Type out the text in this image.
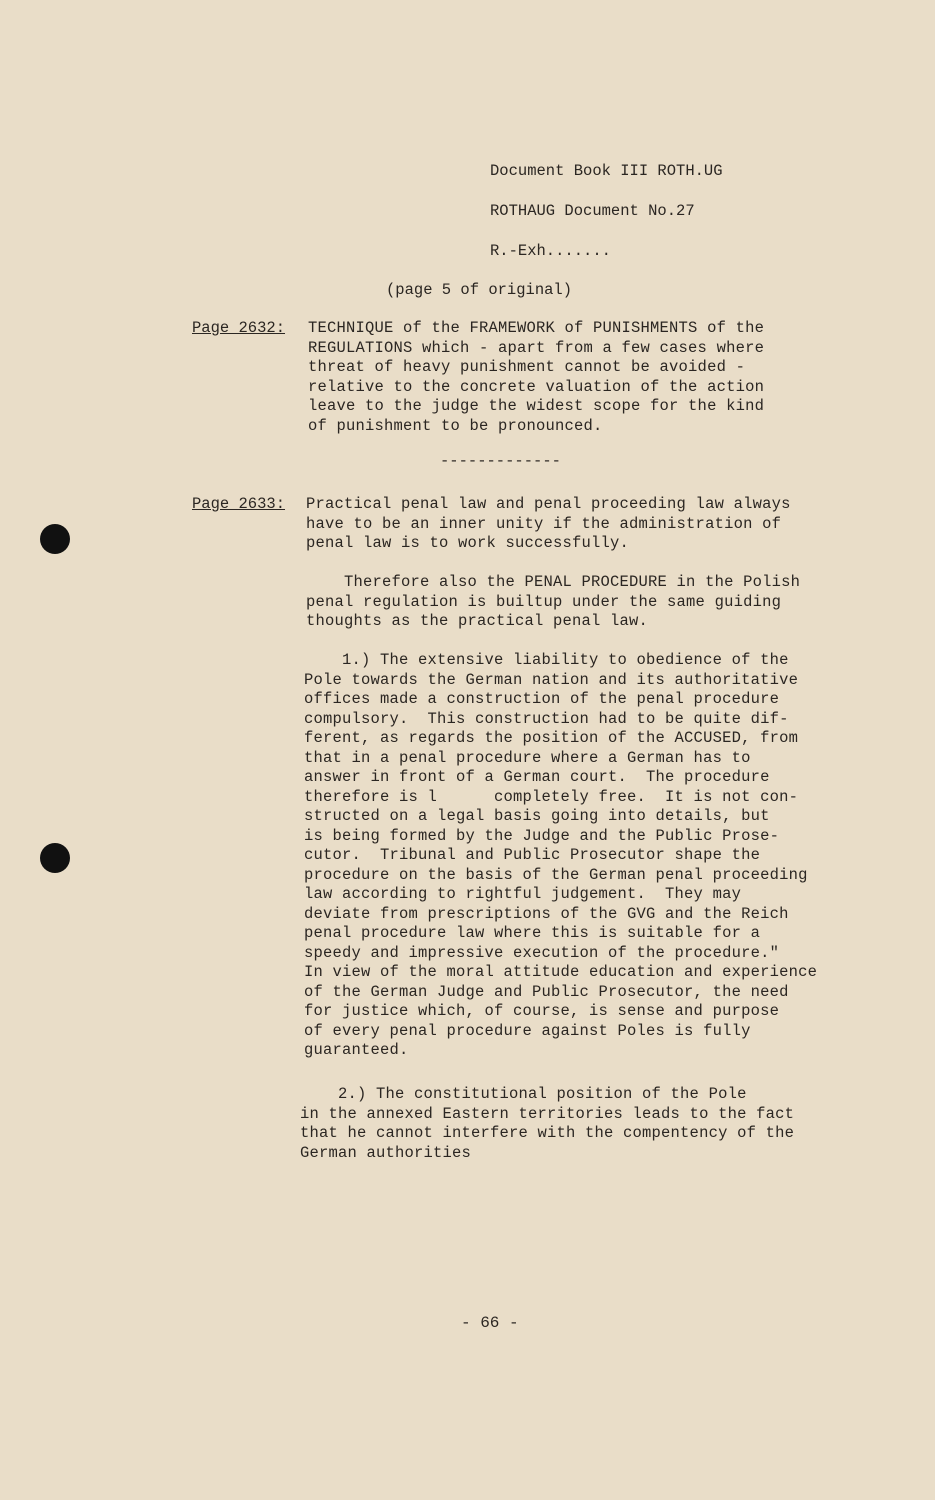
Document Book III ROTH.UG
ROTHAUG Document No.27
R.-Exh.......
(page 5 of original)
Page 2632: TECHNIQUE of the FRAMEWORK of PUNISHMENTS of the
REGULATIONS which - apart from a few cases where
threat of heavy punishment cannot be avoided -
relative to the concrete valuation of the action
leave to the judge the widest scope for the kind
of punishment to be pronounced.
-------------
Page 2633: Practical penal law and penal proceeding law always
have to be an inner unity if the administration of
penal law is to work successfully.
Therefore also the PENAL PROCEDURE in the Polish
penal regulation is builtup under the same guiding
thoughts as the practical penal law.
1.) The extensive liability to obedience of the
Pole towards the German nation and its authoritative
offices made a construction of the penal procedure
compulsory.  This construction had to be quite dif-
ferent, as regards the position of the ACCUSED, from
that in a penal procedure where a German has to
answer in front of a German court.  The procedure
therefore is l      completely free.  It is not con-
structed on a legal basis going into details, but
is being formed by the Judge and the Public Prose-
cutor.  Tribunal and Public Prosecutor shape the
procedure on the basis of the German penal proceeding
law according to rightful judgement.  They may
deviate from prescriptions of the GVG and the Reich
penal procedure law where this is suitable for a
speedy and impressive execution of the procedure."
In view of the moral attitude education and experience
of the German Judge and Public Prosecutor, the need
for justice which, of course, is sense and purpose
of every penal procedure against Poles is fully
guaranteed.
2.) The constitutional position of the Pole
in the annexed Eastern territories leads to the fact
that he cannot interfere with the compentency of the
German authorities
- 66 -
